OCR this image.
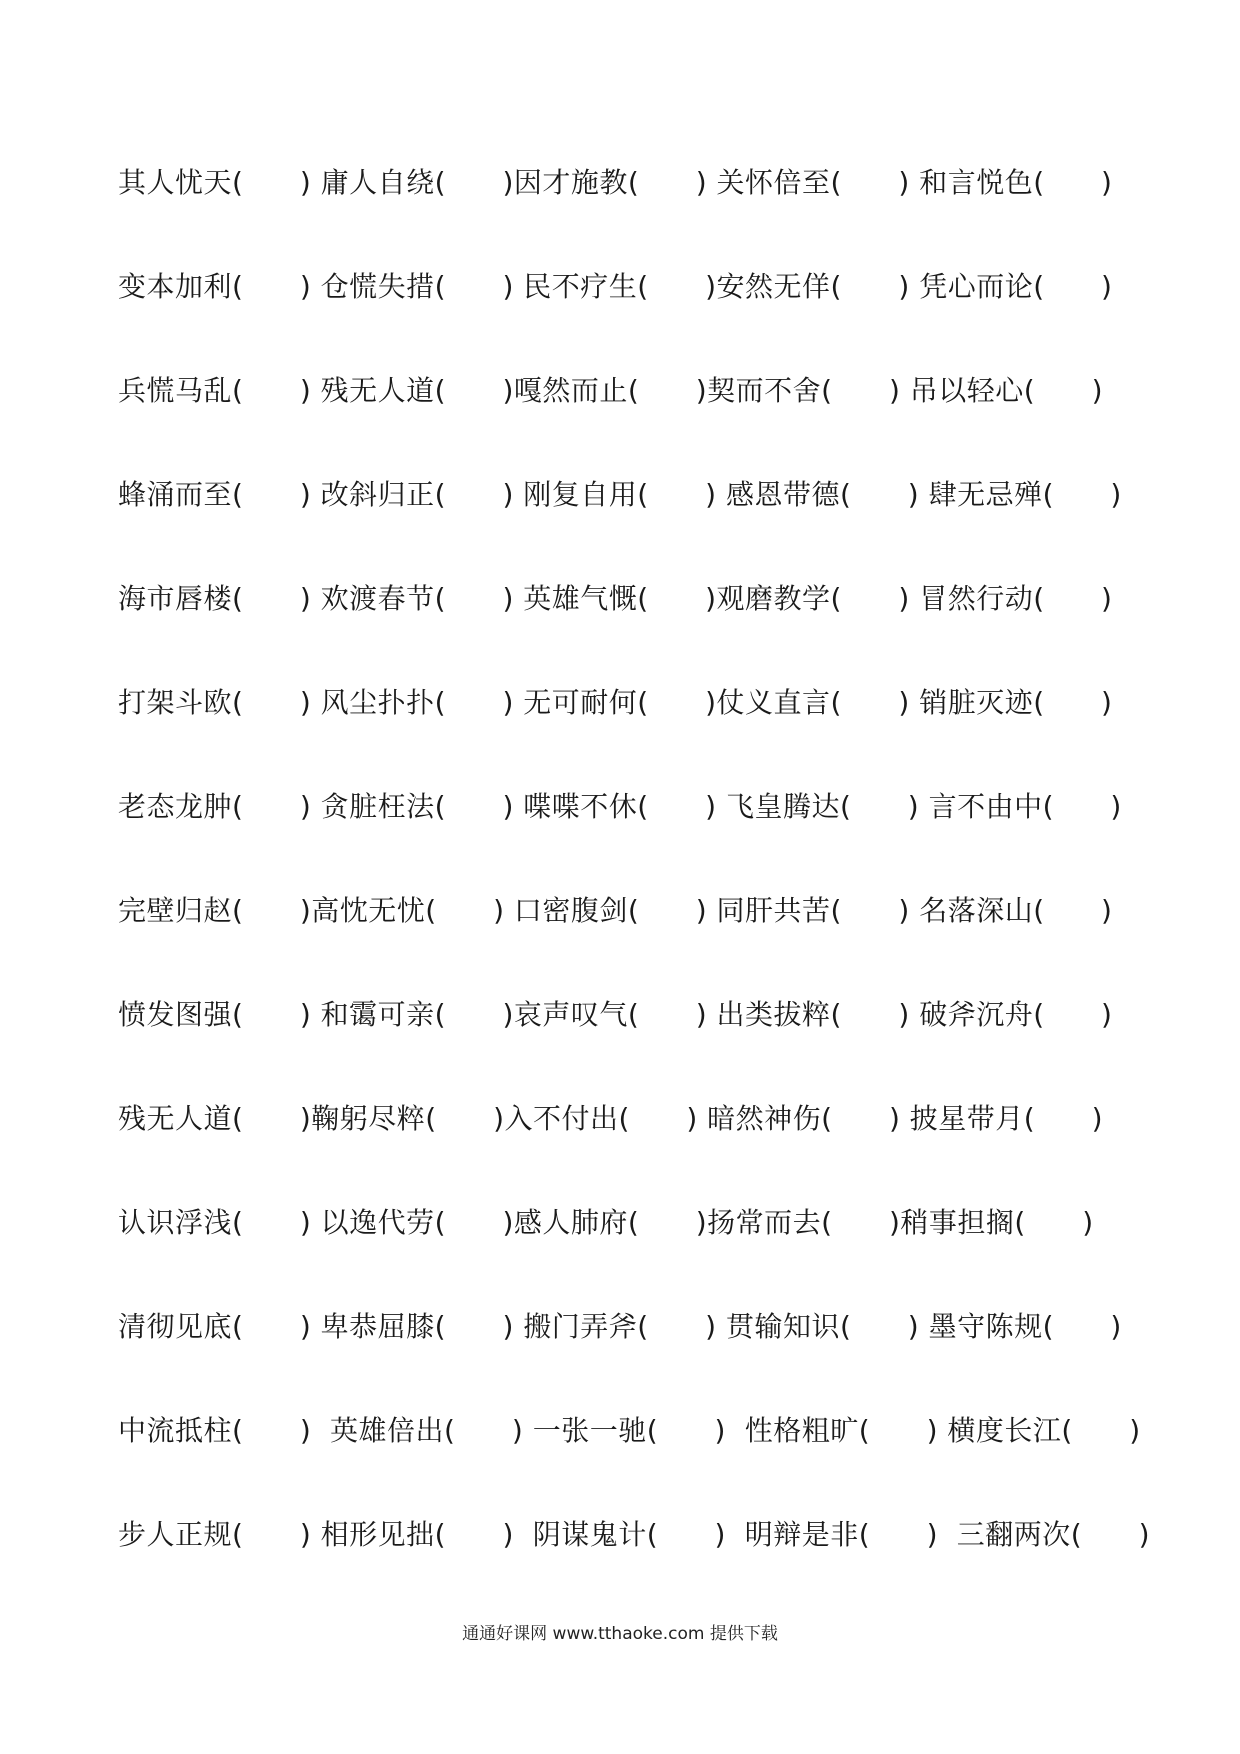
其人忧天(      ) 庸人自绕(      )因才施教(      ) 关怀倍至(      ) 和言悦色(      )
变本加利(      ) 仓慌失措(      ) 民不疗生(      )安然无佯(      ) 凭心而论(      )
兵慌马乱(      ) 残无人道(      )嘎然而止(      )契而不舍(      ) 吊以轻心(      )
蜂涌而至(      ) 改斜归正(      ) 刚复自用(      ) 感恩带德(      ) 肆无忌殚(      )
海市唇楼(      ) 欢渡春节(      ) 英雄气慨(      )观磨教学(      ) 冒然行动(      )
打架斗欧(      ) 风尘扑扑(      ) 无可耐何(      )仗义直言(      ) 销脏灭迹(      )
老态龙肿(      ) 贪脏枉法(      ) 喋喋不休(      ) 飞皇腾达(      ) 言不由中(      )
完壁归赵(      )高忱无忧(      ) 口密腹剑(      ) 同肝共苦(      ) 名落深山(      )
愤发图强(      ) 和霭可亲(      )哀声叹气(      ) 出类拔粹(      ) 破斧沉舟(      )
残无人道(      )鞠躬尽粹(      )入不付出(      ) 暗然神伤(      ) 披星带月(      )
认识浮浅(      ) 以逸代劳(      )感人肺府(      )扬常而去(      )稍事担搁(      )
清彻见底(      ) 卑恭屈膝(      ) 搬门弄斧(      ) 贯输知识(      ) 墨守陈规(      )
中流抵柱(      )  英雄倍出(      ) 一张一驰(      )  性格粗旷(      ) 横度长江(      )
步人正规(      ) 相形见拙(      )  阴谋鬼计(      )  明辩是非(      )  三翻两次(      )
通通好课网 www.tthaoke.com 提供下载
